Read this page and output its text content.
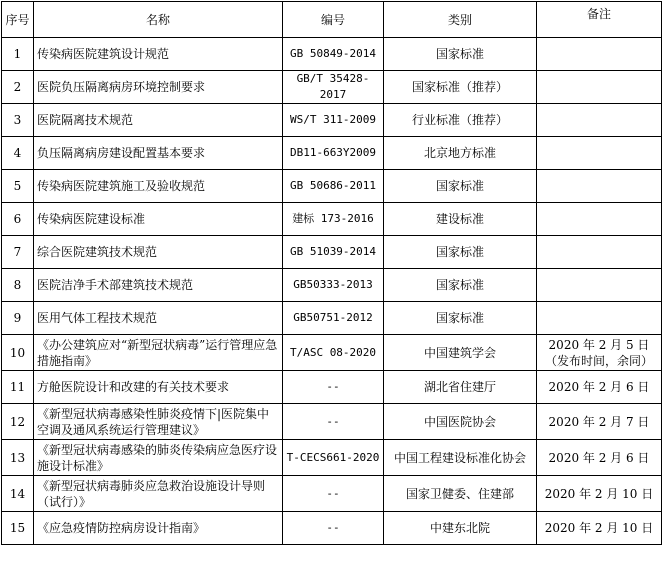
序号	名称	编号	类别	备注
1	传染病医院建筑设计规范	GB 50849-2014	国家标准	
2	医院负压隔离病房环境控制要求	GB/T 35428-2017	国家标准（推荐）	
3	医院隔离技术规范	WS/T 311-2009	行业标准（推荐）	
4	负压隔离病房建设配置基本要求	DB11-663Y2009	北京地方标准	
5	传染病医院建筑施工及验收规范	GB 50686-2011	国家标准	
6	传染病医院建设标准	建标 173-2016	建设标准	
7	综合医院建筑技术规范	GB 51039-2014	国家标准	
8	医院洁净手术部建筑技术规范	GB50333-2013	国家标准	
9	医用气体工程技术规范	GB50751-2012	国家标准	
10	《办公建筑应对“新型冠状病毒”运行管理应急措施指南》	T/ASC 08-2020	中国建筑学会	2020 年 2 月 5 日（发布时间，余同）
11	方舱医院设计和改建的有关技术要求	--	湖北省住建厅	2020 年 2 月 6 日
12	《新型冠状病毒感染性肺炎疫情下|医院集中空调及通风系统运行管理建议》	--	中国医院协会	2020 年 2 月 7 日
13	《新型冠状病毒感染的肺炎传染病应急医疗设施设计标准》	T-CECS661-2020	中国工程建设标准化协会	2020 年 2 月 6 日
14	《新型冠状病毒肺炎应急救治设施设计导则（试行）》	--	国家卫健委、住建部	2020 年 2 月 10 日
15	《应急疫情防控病房设计指南》	--	中建东北院	2020 年 2 月 10 日
